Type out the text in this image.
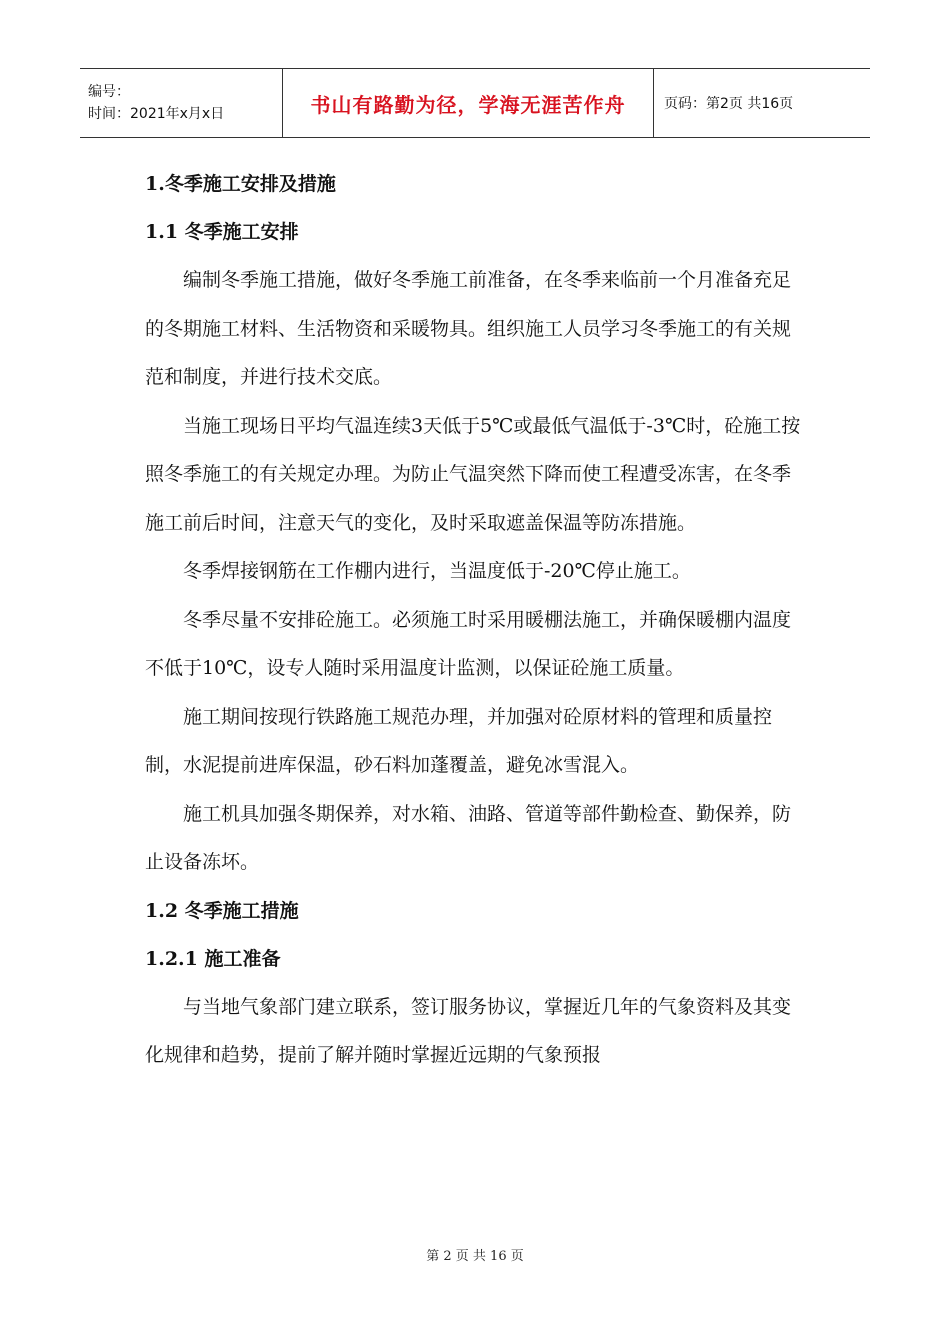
编号：
时间：2021年x月x日	书山有路勤为径，学海无涯苦作舟	页码：第2页 共16页

1.冬季施工安排及措施

1.1 冬季施工安排

编制冬季施工措施，做好冬季施工前准备，在冬季来临前一个月准备充足的冬期施工材料、生活物资和采暖物具。组织施工人员学习冬季施工的有关规范和制度，并进行技术交底。

当施工现场日平均气温连续3天低于5℃或最低气温低于-3℃时，砼施工按照冬季施工的有关规定办理。为防止气温突然下降而使工程遭受冻害，在冬季施工前后时间，注意天气的变化，及时采取遮盖保温等防冻措施。

冬季焊接钢筋在工作棚内进行，当温度低于-20℃停止施工。

冬季尽量不安排砼施工。必须施工时采用暖棚法施工，并确保暖棚内温度不低于10℃，设专人随时采用温度计监测，以保证砼施工质量。

施工期间按现行铁路施工规范办理，并加强对砼原材料的管理和质量控制，水泥提前进库保温，砂石料加蓬覆盖，避免冰雪混入。

施工机具加强冬期保养，对水箱、油路、管道等部件勤检查、勤保养，防止设备冻坏。

1.2 冬季施工措施

1.2.1 施工准备

与当地气象部门建立联系，签订服务协议，掌握近几年的气象资料及其变化规律和趋势，提前了解并随时掌握近远期的气象预报

第 2 页 共 16 页
